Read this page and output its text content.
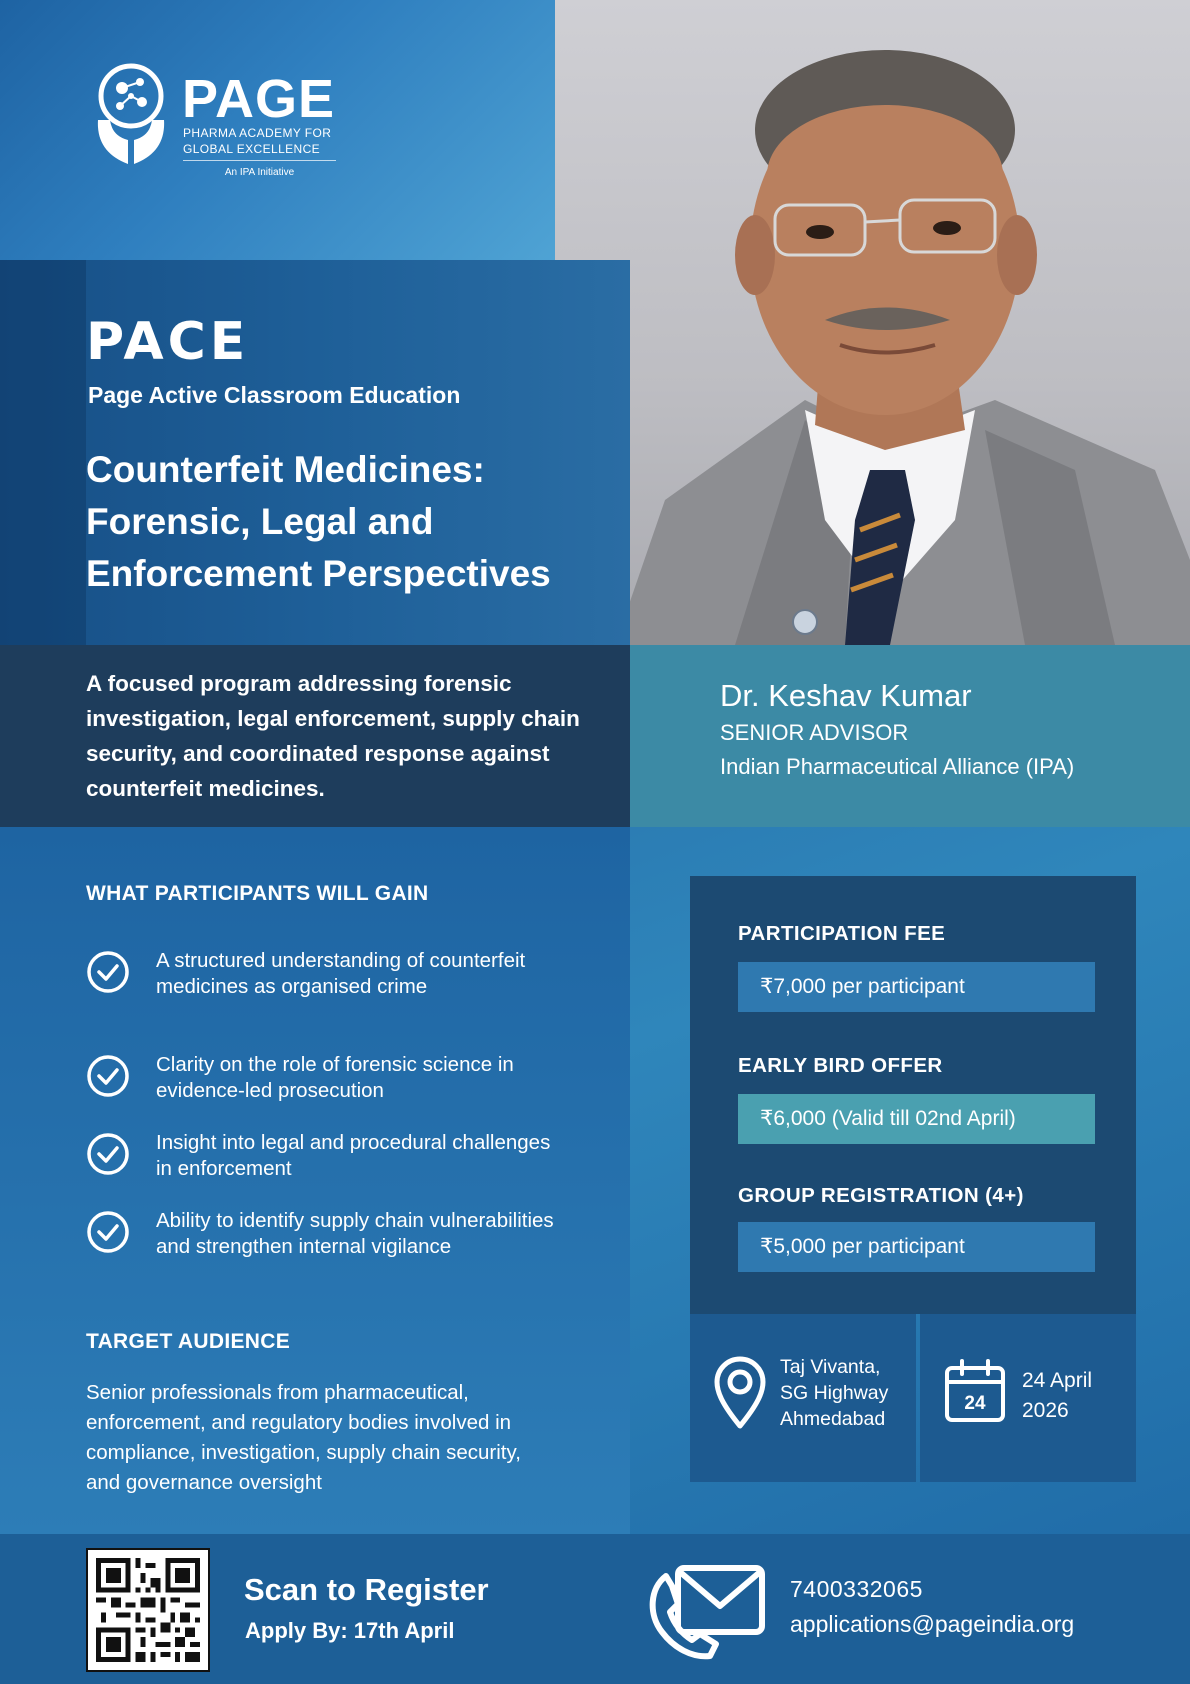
PAGE
PHARMA ACADEMY FOR
GLOBAL EXCELLENCE
An IPA Initiative
PACE
Page Active Classroom Education
Counterfeit Medicines: Forensic, Legal and Enforcement Perspectives
A focused program addressing forensic investigation, legal enforcement, supply chain security, and coordinated response against counterfeit medicines.
Dr. Keshav Kumar
SENIOR ADVISOR
Indian Pharmaceutical Alliance (IPA)
WHAT PARTICIPANTS WILL GAIN
A structured understanding of counterfeit medicines as organised crime
Clarity on the role of forensic science in evidence-led prosecution
Insight into legal and procedural challenges in enforcement
Ability to identify supply chain vulnerabilities and strengthen internal vigilance
TARGET AUDIENCE
Senior professionals from pharmaceutical, enforcement, and regulatory bodies involved in compliance, investigation, supply chain security, and governance oversight
PARTICIPATION FEE
₹7,000 per participant
EARLY BIRD OFFER
₹6,000 (Valid till 02nd April)
GROUP REGISTRATION (4+)
₹5,000 per participant
Taj Vivanta,
SG Highway
Ahmedabad
24
24 April
2026
Scan to Register
Apply By: 17th April
7400332065
applications@pageindia.org
